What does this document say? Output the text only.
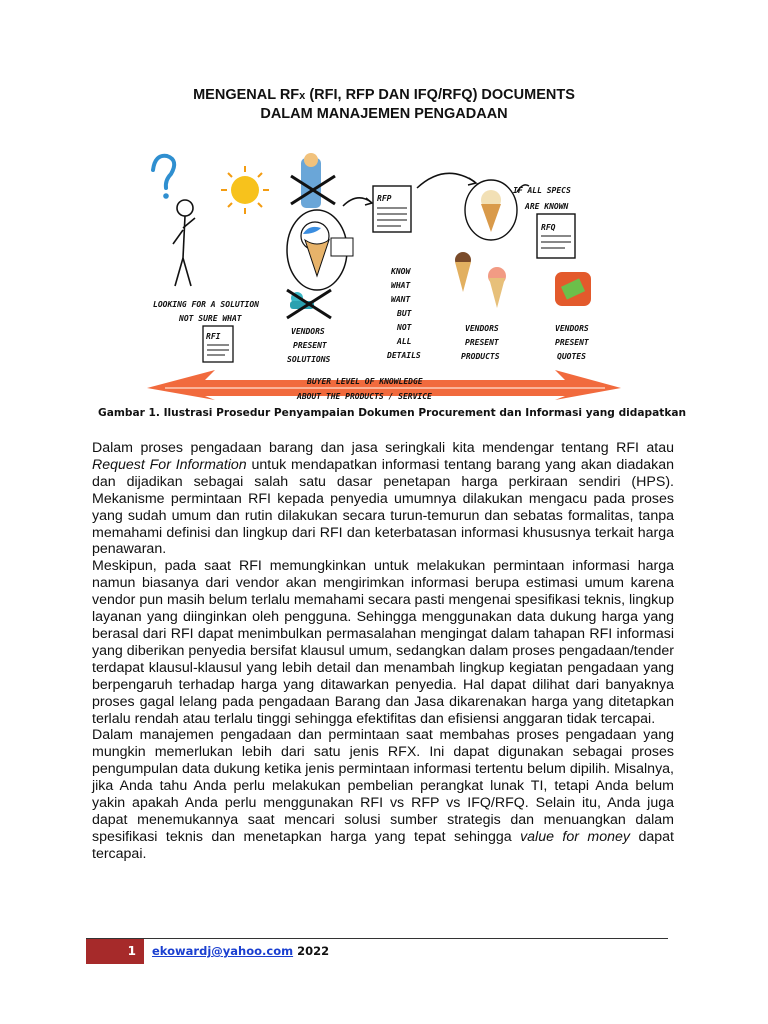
MENGENAL RFx (RFI, RFP DAN IFQ/RFQ) DOCUMENTS
DALAM MANAJEMEN PENGADAAN
RFI
RFP
RFQ
LOOKING FOR A SOLUTION
NOT SURE WHAT
VENDORS
PRESENT
SOLUTIONS
KNOW
WHAT
WANT
BUT
NOT
ALL
DETAILS
IF ALL SPECS
ARE KNOWN
VENDORS
PRESENT
PRODUCTS
VENDORS
PRESENT
QUOTES
BUYER LEVEL OF KNOWLEDGE
ABOUT THE PRODUCTS / SERVICE
Gambar 1. Ilustrasi Prosedur Penyampaian Dokumen Procurement dan Informasi yang didapatkan

Dalam proses pengadaan barang dan jasa seringkali kita mendengar tentang RFI atau Request For Information untuk mendapatkan informasi tentang barang yang akan diadakan dan dijadikan sebagai salah satu dasar penetapan harga perkiraan sendiri (HPS). Mekanisme permintaan RFI kepada penyedia umumnya dilakukan mengacu pada proses yang sudah umum dan rutin dilakukan secara turun-temurun dan sebatas formalitas, tanpa memahami definisi dan lingkup dari RFI dan keterbatasan informasi khususnya terkait harga penawaran.

Meskipun, pada saat RFI memungkinkan untuk melakukan permintaan informasi harga namun biasanya dari vendor akan mengirimkan informasi berupa estimasi umum karena vendor pun masih belum terlalu memahami secara pasti mengenai spesifikasi teknis, lingkup layanan yang diinginkan oleh pengguna. Sehingga menggunakan data dukung harga yang berasal dari RFI dapat menimbulkan permasalahan mengingat dalam tahapan RFI informasi yang diberikan penyedia bersifat klausul umum, sedangkan dalam proses pengadaan/tender terdapat klausul-klausul yang lebih detail dan menambah lingkup kegiatan pengadaan yang berpengaruh terhadap harga yang ditawarkan penyedia. Hal dapat dilihat dari banyaknya proses gagal lelang pada pengadaan Barang dan Jasa dikarenakan harga yang ditetapkan terlalu rendah atau terlalu tinggi sehingga efektifitas dan efisiensi anggaran tidak tercapai.

Dalam manajemen pengadaan dan permintaan saat membahas proses pengadaan yang mungkin memerlukan lebih dari satu jenis RFX. Ini dapat digunakan sebagai proses pengumpulan data dukung ketika jenis permintaan informasi tertentu belum dipilih. Misalnya, jika Anda tahu Anda perlu melakukan pembelian perangkat lunak TI, tetapi Anda belum yakin apakah Anda perlu menggunakan RFI vs RFP vs IFQ/RFQ. Selain itu, Anda juga dapat menemukannya saat mencari solusi sumber strategis dan menuangkan dalam spesifikasi teknis dan menetapkan harga yang tepat sehingga value for money dapat tercapai.

1	ekowardj@yahoo.com 2022
